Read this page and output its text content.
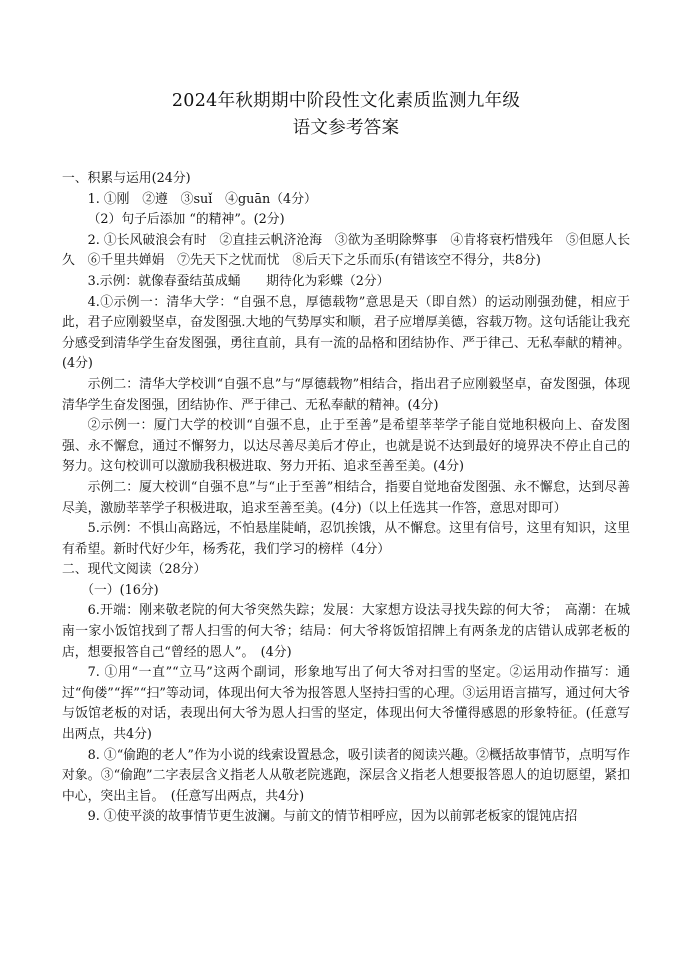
2024年秋期期中阶段性文化素质监测九年级

语文参考答案

一、积累与运用(24分)

1. ①刚　②遵　③suǐ　④guān（4分）

（2）句子后添加 “的精神”。(2分)

2. ①长风破浪会有时　②直挂云帆济沧海　③欲为圣明除弊事　④肯将衰朽惜残年　⑤但愿人长久　⑥千里共婵娟　⑦先天下之忧而忧　⑧后天下之乐而乐(有错该空不得分，共8分)

3.示例：就像春蚕结茧成蛹　　期待化为彩蝶（2分）

4.①示例一：清华大学：“自强不息，厚德载物”意思是天（即自然）的运动刚强劲健，相应于此，君子应刚毅坚卓，奋发图强.大地的气势厚实和顺，君子应增厚美德，容载万物。这句话能让我充分感受到清华学生奋发图强，勇往直前，具有一流的品格和团结协作、严于律己、无私奉献的精神。(4分)

示例二：清华大学校训“自强不息”与“厚德载物”相结合，指出君子应刚毅坚卓，奋发图强，体现清华学生奋发图强，团结协作、严于律己、无私奉献的精神。(4分)

②示例一：厦门大学的校训“自强不息，止于至善”是希望莘莘学子能自觉地积极向上、奋发图强、永不懈怠，通过不懈努力，以达尽善尽美后才停止，也就是说不达到最好的境界决不停止自己的努力。这句校训可以激励我积极进取、努力开拓、追求至善至美。(4分)

示例二：厦大校训“自强不息”与“止于至善”相结合，指要自觉地奋发图强、永不懈怠，达到尽善尽美，激励莘莘学子积极进取，追求至善至美。(4分)（以上任选其一作答，意思对即可）

5.示例：不惧山高路远，不怕悬崖陡峭，忍饥挨饿，从不懈怠。这里有信号，这里有知识，这里有希望。新时代好少年，杨秀花，我们学习的榜样（4分）

二、现代文阅读（28分）

（一）(16分)

6.开端：刚来敬老院的何大爷突然失踪；发展：大家想方设法寻找失踪的何大爷；　高潮：在城南一家小饭馆找到了帮人扫雪的何大爷；结局：何大爷将饭馆招牌上有两条龙的店错认成郭老板的店，想要报答自己“曾经的恩人”。　(4分)

7. ①用“一直”“立马”这两个副词，形象地写出了何大爷对扫雪的坚定。②运用动作描写：通过“佝偻”“挥”“扫”等动词，体现出何大爷为报答恩人坚持扫雪的心理。③运用语言描写，通过何大爷与饭馆老板的对话，表现出何大爷为恩人扫雪的坚定，体现出何大爷懂得感恩的形象特征。(任意写出两点，共4分)

8. ①“偷跑的老人”作为小说的线索设置悬念，吸引读者的阅读兴趣。②概括故事情节，点明写作对象。③“偷跑”二字表层含义指老人从敬老院逃跑，深层含义指老人想要报答恩人的迫切愿望，紧扣中心，突出主旨。　(任意写出两点，共4分)

9. ①使平淡的故事情节更生波澜。与前文的情节相呼应，因为以前郭老板家的馄饨店招
